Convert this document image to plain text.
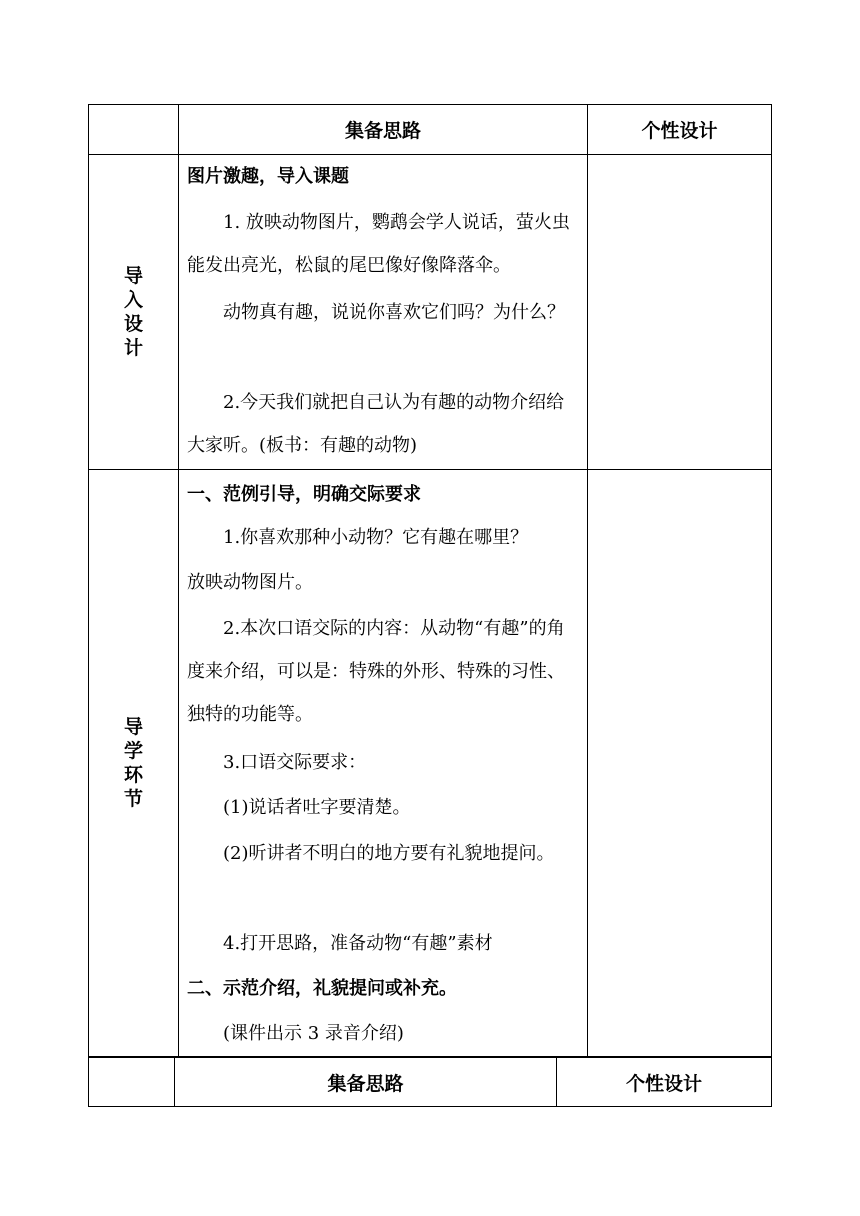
集备思路	个性设计
导入设计
图片激趣，导入课题
1. 放映动物图片，鹦鹉会学人说话，萤火虫能发出亮光，松鼠的尾巴像好像降落伞。
动物真有趣，说说你喜欢它们吗？为什么？
2.今天我们就把自己认为有趣的动物介绍给大家听。(板书：有趣的动物)
导学环节
一、范例引导，明确交际要求
1.你喜欢那种小动物？它有趣在哪里？
放映动物图片。
2.本次口语交际的内容：从动物“有趣”的角度来介绍，可以是：特殊的外形、特殊的习性、独特的功能等。
3.口语交际要求：
(1)说话者吐字要清楚。
(2)听讲者不明白的地方要有礼貌地提问。
4.打开思路，准备动物“有趣”素材
二、示范介绍，礼貌提问或补充。
(课件出示 3 录音介绍)
集备思路	个性设计
